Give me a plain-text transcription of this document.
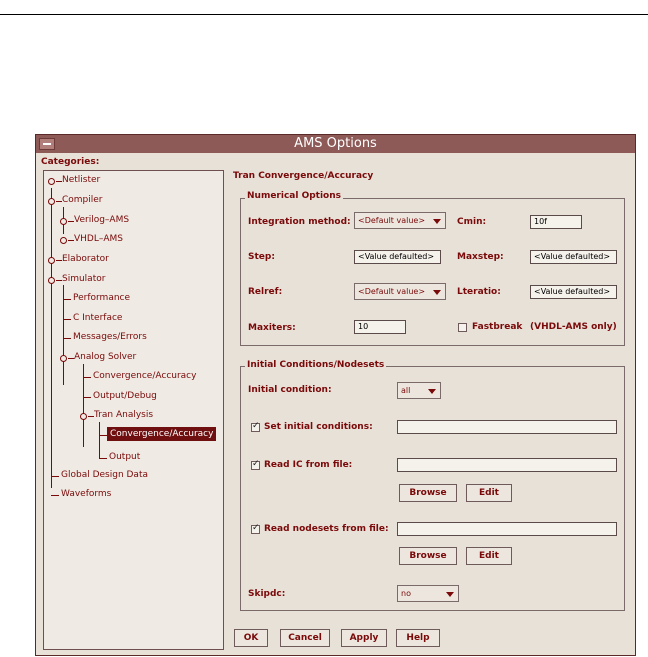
AMS Options
Categories:
Netlister
Compiler
Verilog–AMS
VHDL–AMS
Elaborator
Simulator
Performance
C Interface
Messages/Errors
Analog Solver
Convergence/Accuracy
Output/Debug
Tran Analysis
Convergence/Accuracy
Output
Global Design Data
Waveforms
Tran Convergence/Accuracy
Numerical Options
Integration method: <Default value>	Cmin:	10f
Step:	<Value defaulted>	Maxstep:	<Value defaulted>
Relref:	<Default value>	Lteratio:	<Value defaulted>
Maxiters:	10	Fastbreak (VHDL-AMS only)
Initial Conditions/Nodesets
Initial condition:	all
✓
Set initial conditions:
✓
Read IC from file:
Browse	Edit
✓
Read nodesets from file:
Browse	Edit
Skipdc:	no
OK	Cancel	Apply	Help
